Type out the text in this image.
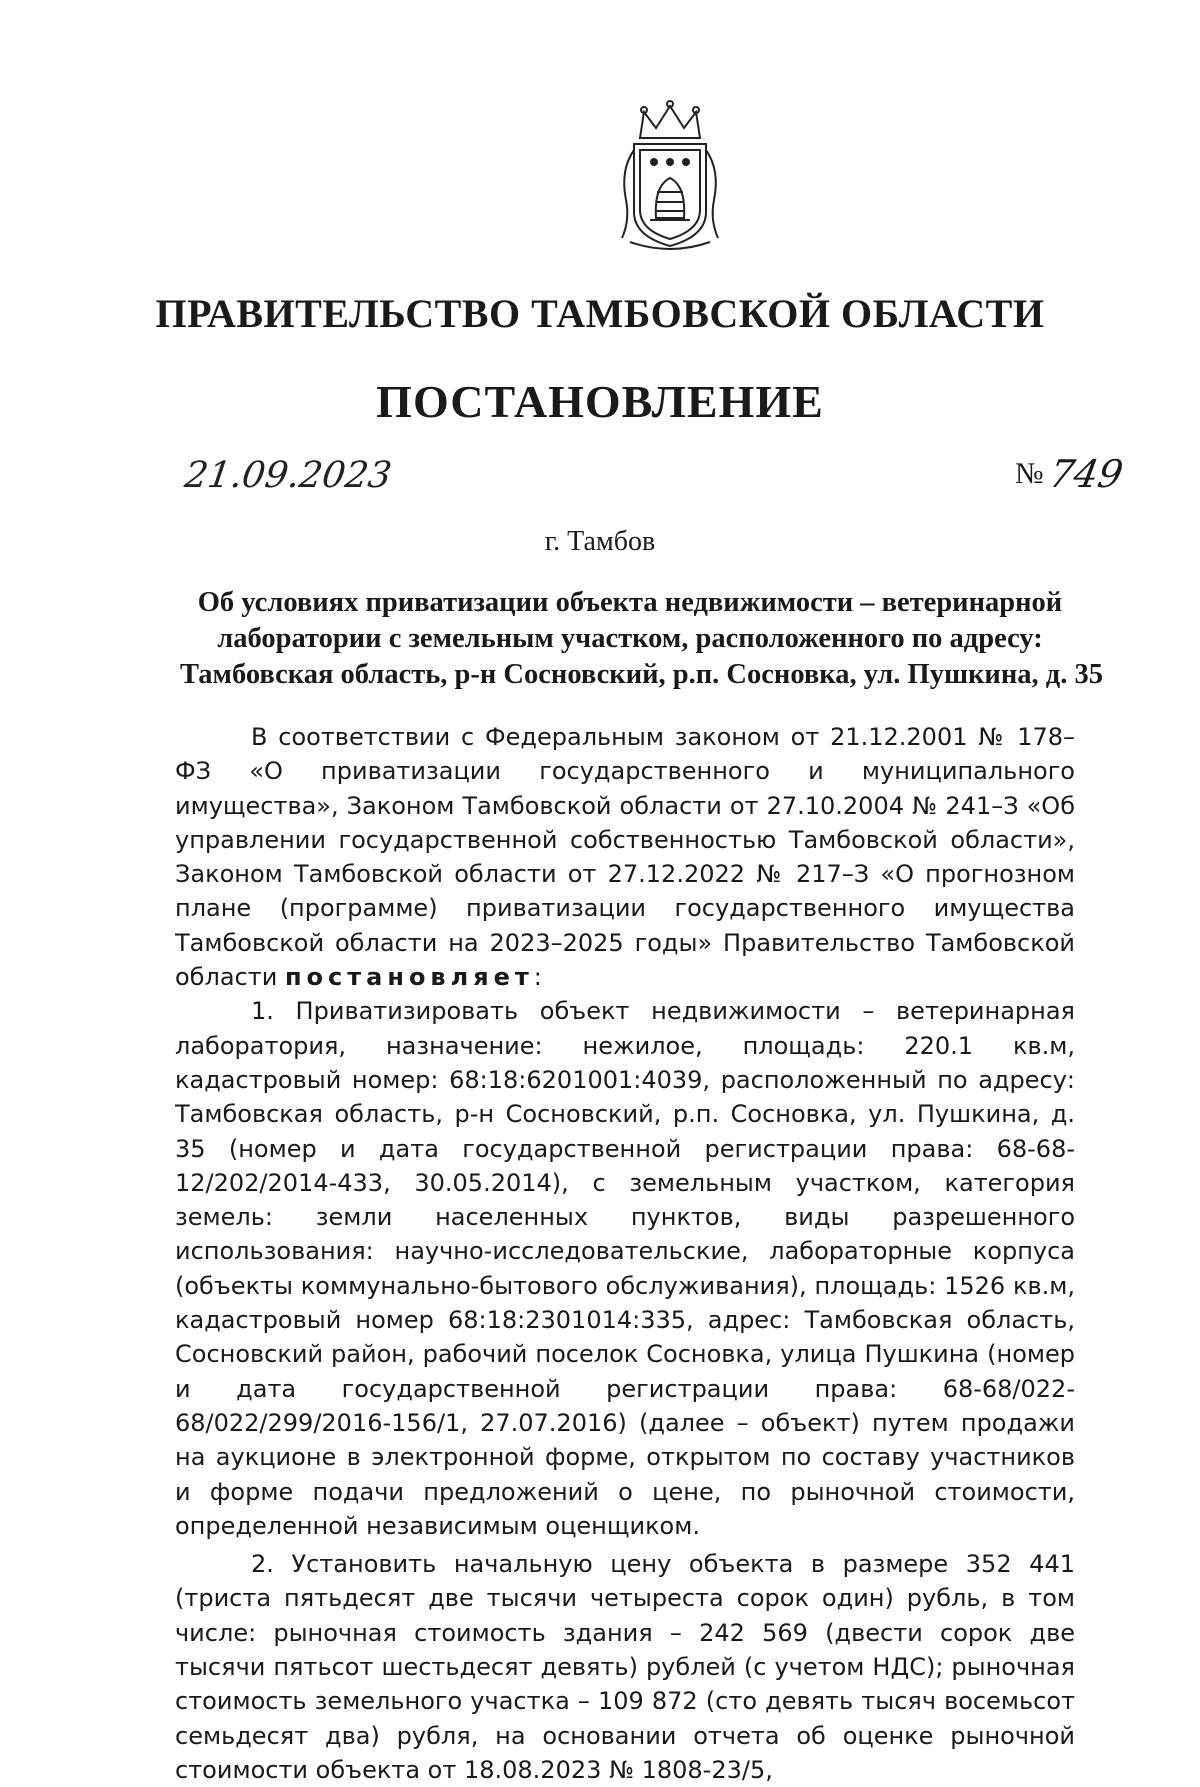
ПРАВИТЕЛЬСТВО ТАМБОВСКОЙ ОБЛАСТИ
ПОСТАНОВЛЕНИЕ
21.09.2023	№749
г. Тамбов
Об условиях приватизации объекта недвижимости – ветеринарной
лаборатории с земельным участком, расположенного по адресу:
Тамбовская область, р-н Сосновский, р.п. Сосновка, ул. Пушкина, д. 35

В соответствии с Федеральным законом от 21.12.2001 № 178–ФЗ «О приватизации государственного и муниципального имущества», Законом Тамбовской области от 27.10.2004 № 241–З «Об управлении государственной собственностью Тамбовской области», Законом Тамбовской области от 27.12.2022 № 217–З «О прогнозном плане (программе) приватизации государственного имущества Тамбовской области на 2023–2025 годы» Правительство Тамбовской области постановляет:

1. Приватизировать объект недвижимости – ветеринарная лаборатория, назначение: нежилое, площадь: 220.1 кв.м, кадастровый номер: 68:18:6201001:4039, расположенный по адресу: Тамбовская область, р-н Сосновский, р.п. Сосновка, ул. Пушкина, д. 35 (номер и дата государственной регистрации права: 68-68-12/202/2014-433, 30.05.2014), с земельным участком, категория земель: земли населенных пунктов, виды разрешенного использования: научно-исследовательские, лабораторные корпуса (объекты коммунально-бытового обслуживания), площадь: 1526 кв.м, кадастровый номер 68:18:2301014:335, адрес: Тамбовская область, Сосновский район, рабочий поселок Сосновка, улица Пушкина (номер и дата государственной регистрации права: 68-68/022-68/022/299/2016-156/1, 27.07.2016) (далее – объект) путем продажи на аукционе в электронной форме, открытом по составу участников и форме подачи предложений о цене, по рыночной стоимости, определенной независимым оценщиком.

2. Установить начальную цену объекта в размере 352 441 (триста пятьдесят две тысячи четыреста сорок один) рубль, в том числе: рыночная стоимость здания – 242 569 (двести сорок две тысячи пятьсот шестьдесят девять) рублей (с учетом НДС); рыночная стоимость земельного участка – 109 872 (сто девять тысяч восемьсот семьдесят два) рубля, на основании отчета об оценке рыночной стоимости объекта от 18.08.2023 № 1808-23/5,
